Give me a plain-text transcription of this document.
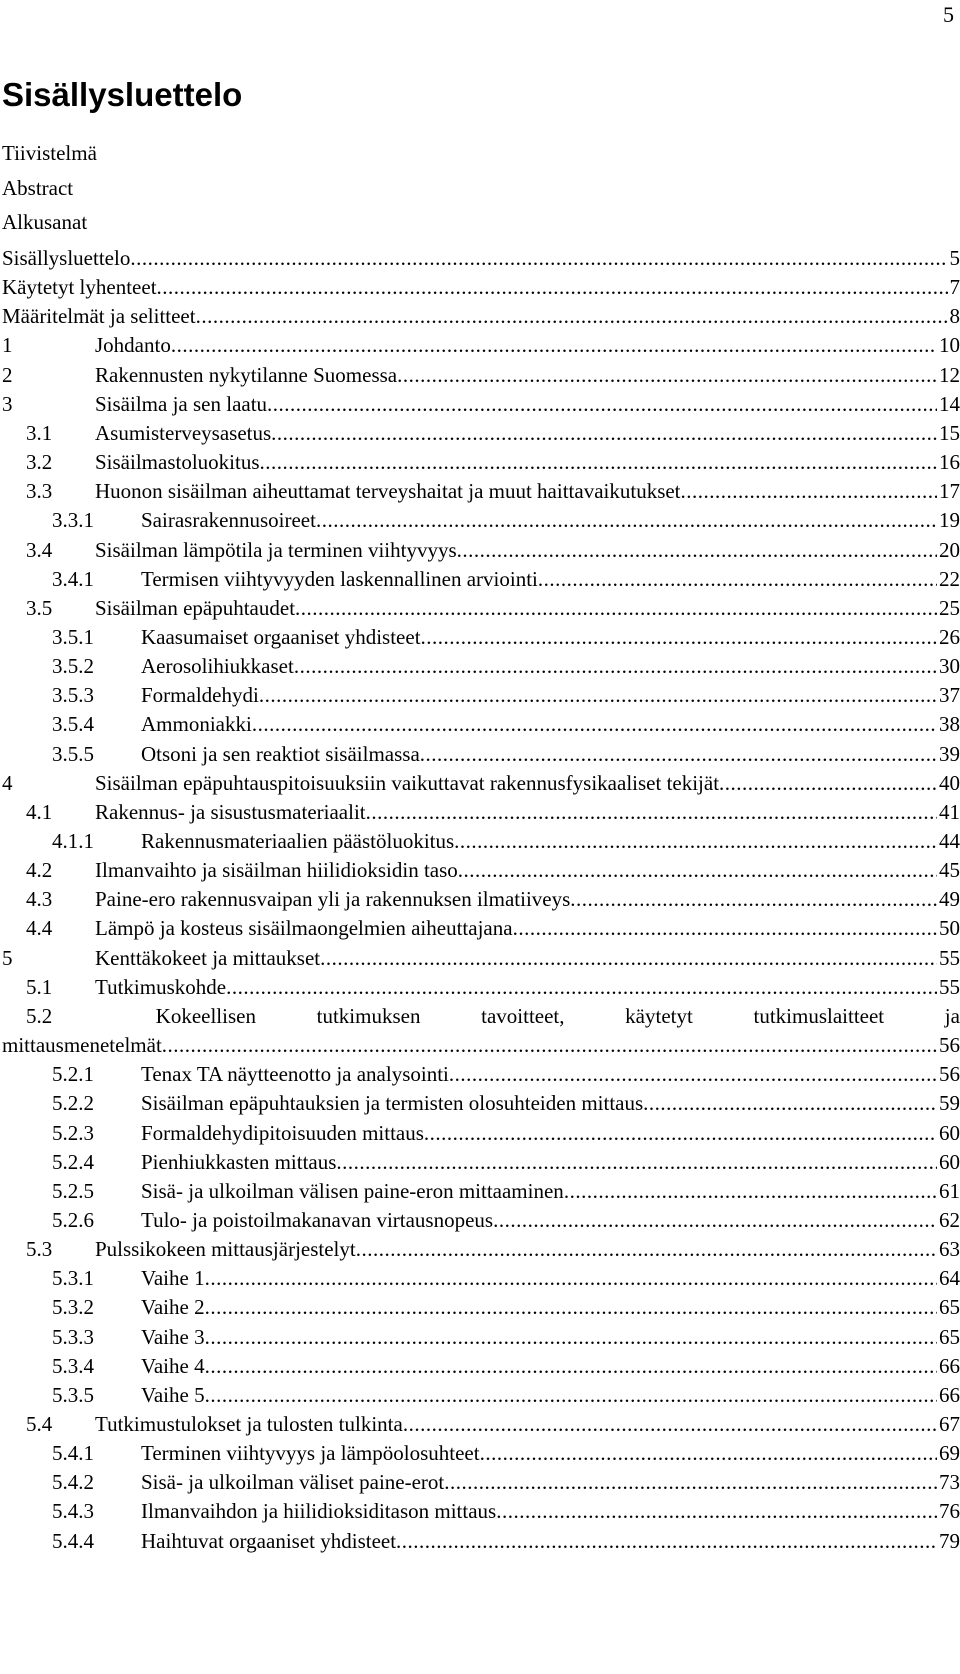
5
Sisällysluettelo
Tiivistelmä
Abstract
Alkusanat
Sisällysluettelo .....	5
Käytetyt lyhenteet .....	7
Määritelmät ja selitteet .....	8
1	Johdanto .....	10
2	Rakennusten nykytilanne Suomessa .....	12
3	Sisäilma ja sen laatu .....	14
3.1	Asumisterveysasetus .....	15
3.2	Sisäilmastoluokitus .....	16
3.3	Huonon sisäilman aiheuttamat terveyshaitat ja muut haittavaikutukset .....	17
3.3.1	Sairasrakennusoireet .....	19
3.4	Sisäilman lämpötila ja terminen viihtyvyys .....	20
3.4.1	Termisen viihtyvyyden laskennallinen arviointi .....	22
3.5	Sisäilman epäpuhtaudet .....	25
3.5.1	Kaasumaiset orgaaniset yhdisteet .....	26
3.5.2	Aerosolihiukkaset .....	30
3.5.3	Formaldehydi .....	37
3.5.4	Ammoniakki .....	38
3.5.5	Otsoni ja sen reaktiot sisäilmassa .....	39
4	Sisäilman epäpuhtauspitoisuuksiin vaikuttavat rakennusfysikaaliset tekijät .....	40
4.1	Rakennus- ja sisustusmateriaalit .....	41
4.1.1	Rakennusmateriaalien päästöluokitus .....	44
4.2	Ilmanvaihto ja sisäilman hiilidioksidin taso .....	45
4.3	Paine-ero rakennusvaipan yli ja rakennuksen ilmatiiveys .....	49
4.4	Lämpö ja kosteus sisäilmaongelmien aiheuttajana .....	50
5	Kenttäkokeet ja mittaukset .....	55
5.1	Tutkimuskohde .....	55
5.2	Kokeellisen	tutkimuksen	tavoitteet,	käytetyt	tutkimuslaitteet	ja
mittausmenetelmät .....	56
5.2.1	Tenax TA näytteenotto ja analysointi .....	56
5.2.2	Sisäilman epäpuhtauksien ja termisten olosuhteiden mittaus .....	59
5.2.3	Formaldehydipitoisuuden mittaus .....	60
5.2.4	Pienhiukkasten mittaus .....	60
5.2.5	Sisä- ja ulkoilman välisen paine-eron mittaaminen .....	61
5.2.6	Tulo- ja poistoilmakanavan virtausnopeus .....	62
5.3	Pulssikokeen mittausjärjestelyt .....	63
5.3.1	Vaihe 1 .....	64
5.3.2	Vaihe 2 .....	65
5.3.3	Vaihe 3 .....	65
5.3.4	Vaihe 4 .....	66
5.3.5	Vaihe 5 .....	66
5.4	Tutkimustulokset ja tulosten tulkinta .....	67
5.4.1	Terminen viihtyvyys ja lämpöolosuhteet .....	69
5.4.2	Sisä- ja ulkoilman väliset paine-erot .....	73
5.4.3	Ilmanvaihdon ja hiilidioksiditason mittaus .....	76
5.4.4	Haihtuvat orgaaniset yhdisteet .....	79
